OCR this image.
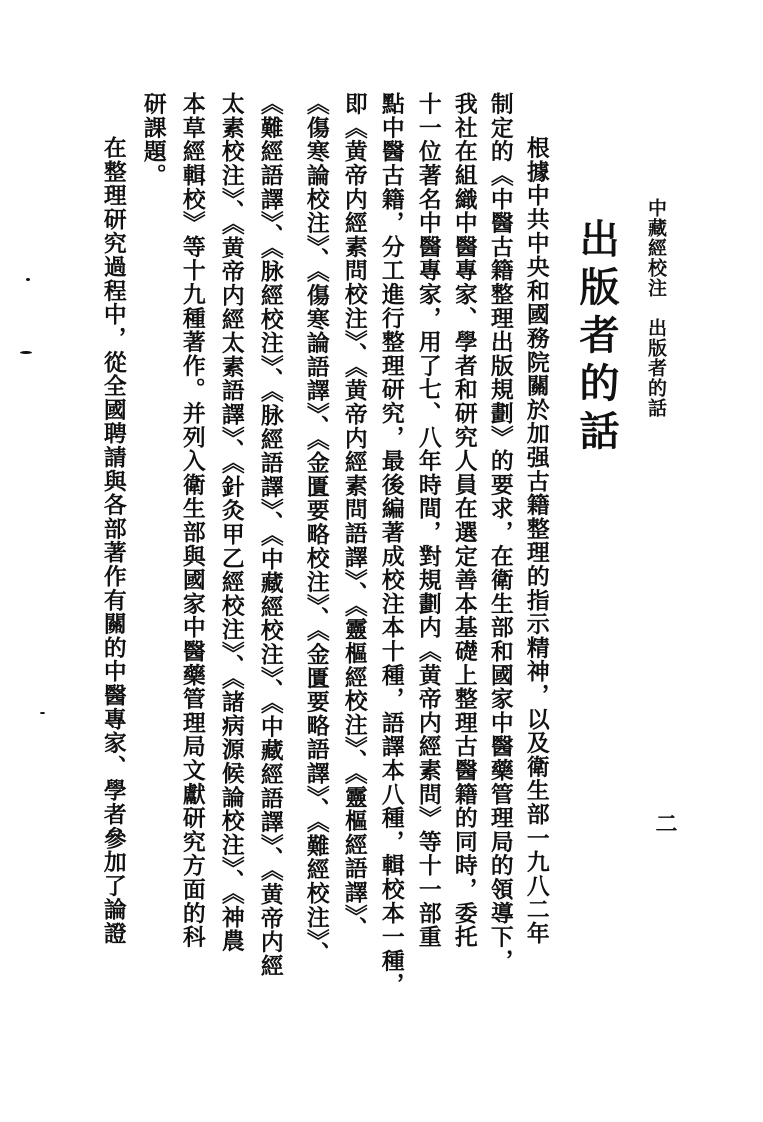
中藏經校注　出版者的話
二
出版者的話
根據中共中央和國務院關於加强古籍整理的指示精神，以及衛生部一九八二年
制定的《中醫古籍整理出版規劃》的要求，在衛生部和國家中醫藥管理局的領導下，
我社在組織中醫專家、學者和研究人員在選定善本基礎上整理古醫籍的同時，委托
十一位著名中醫專家，用了七、八年時間，對規劃内《黄帝内經素問》等十一部重
點中醫古籍，分工進行整理研究，最後編著成校注本十種，語譯本八種，輯校本一種，
即《黄帝内經素問校注》、《黄帝内經素問語譯》、《靈樞經校注》、《靈樞經語譯》、
《傷寒論校注》、《傷寒論語譯》、《金匱要略校注》、《金匱要略語譯》、《難經校注》、
《難經語譯》、《脉經校注》、《脉經語譯》、《中藏經校注》、《中藏經語譯》、《黄帝内經
太素校注》、《黄帝内經太素語譯》、《針灸甲乙經校注》、《諸病源候論校注》、《神農
本草經輯校》等十九種著作。并列入衛生部與國家中醫藥管理局文獻研究方面的科
研課題。
在整理研究過程中，從全國聘請與各部著作有關的中醫專家、學者參加了論證
